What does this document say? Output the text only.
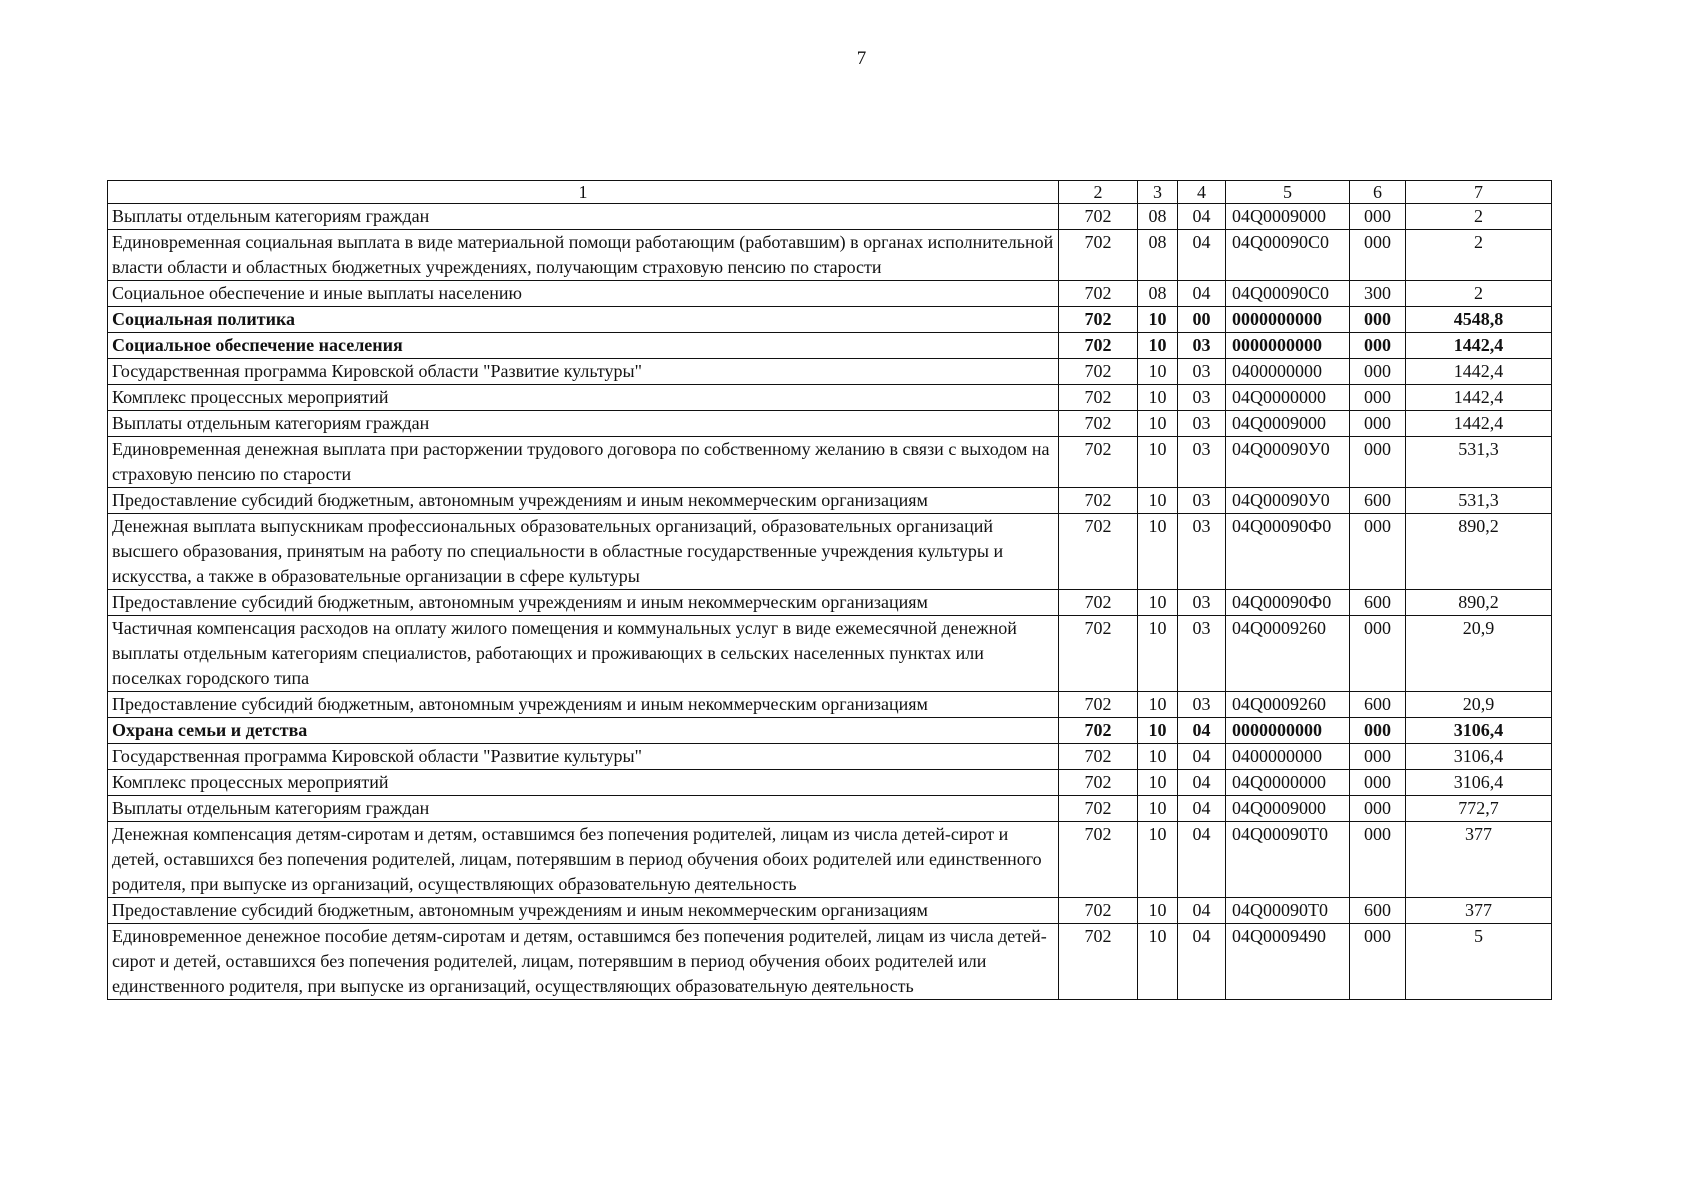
7
1	2	3	4	5	6	7
Выплаты отдельным категориям граждан	702	08	04	04Q0009000	000	2
Единовременная социальная выплата в виде материальной помощи работающим (работавшим) в органах исполнительной власти области и областных бюджетных учреждениях, получающим страховую пенсию по старости	702	08	04	04Q00090C0	000	2
Социальное обеспечение и иные выплаты населению	702	08	04	04Q00090C0	300	2
Социальная политика	702	10	00	0000000000	000	4548,8
Социальное обеспечение населения	702	10	03	0000000000	000	1442,4
Государственная программа Кировской области "Развитие культуры"	702	10	03	0400000000	000	1442,4
Комплекс процессных мероприятий	702	10	03	04Q0000000	000	1442,4
Выплаты отдельным категориям граждан	702	10	03	04Q0009000	000	1442,4
Единовременная денежная выплата при расторжении трудового договора по собственному желанию в связи с выходом на страховую пенсию по старости	702	10	03	04Q00090У0	000	531,3
Предоставление субсидий бюджетным, автономным учреждениям и иным некоммерческим организациям	702	10	03	04Q00090У0	600	531,3
Денежная выплата выпускникам профессиональных образовательных организаций, образовательных организаций высшего образования, принятым на работу по специальности в областные государственные учреждения культуры и искусства, а также в образовательные организации в сфере культуры	702	10	03	04Q00090Ф0	000	890,2
Предоставление субсидий бюджетным, автономным учреждениям и иным некоммерческим организациям	702	10	03	04Q00090Ф0	600	890,2
Частичная компенсация расходов на оплату жилого помещения и коммунальных услуг в виде ежемесячной денежной выплаты отдельным категориям специалистов, работающих и проживающих в сельских населенных пунктах или поселках городского типа	702	10	03	04Q0009260	000	20,9
Предоставление субсидий бюджетным, автономным учреждениям и иным некоммерческим организациям	702	10	03	04Q0009260	600	20,9
Охрана семьи и детства	702	10	04	0000000000	000	3106,4
Государственная программа Кировской области "Развитие культуры"	702	10	04	0400000000	000	3106,4
Комплекс процессных мероприятий	702	10	04	04Q0000000	000	3106,4
Выплаты отдельным категориям граждан	702	10	04	04Q0009000	000	772,7
Денежная компенсация детям-сиротам и детям, оставшимся без попечения родителей, лицам из числа детей-сирот и детей, оставшихся без попечения родителей, лицам, потерявшим в период обучения обоих родителей или единственного родителя, при выпуске из организаций, осуществляющих образовательную деятельность	702	10	04	04Q00090T0	000	377
Предоставление субсидий бюджетным, автономным учреждениям и иным некоммерческим организациям	702	10	04	04Q00090T0	600	377
Единовременное денежное пособие детям-сиротам и детям, оставшимся без попечения родителей, лицам из числа детей-сирот и детей, оставшихся без попечения родителей, лицам, потерявшим в период обучения обоих родителей или единственного родителя, при выпуске из организаций, осуществляющих образовательную деятельность	702	10	04	04Q0009490	000	5
